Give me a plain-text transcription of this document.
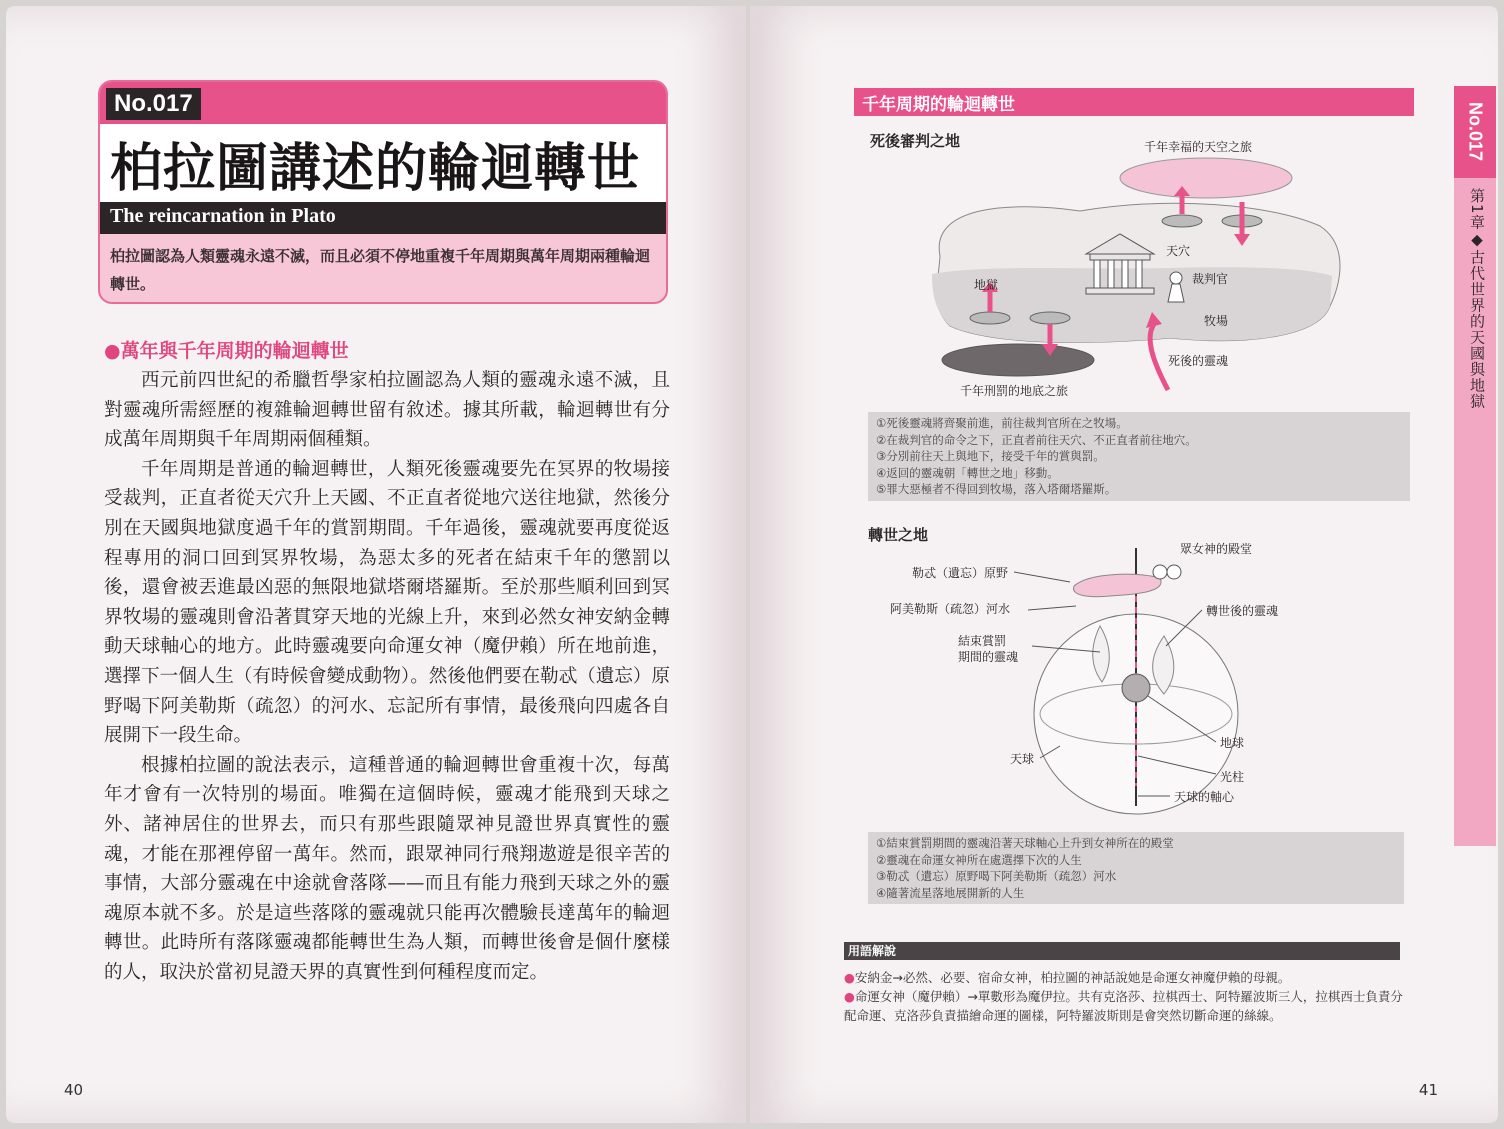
No.017
柏拉圖講述的輪迴轉世
The reincarnation in Plato
柏拉圖認為人類靈魂永遠不滅，而且必須不停地重複千年周期與萬年周期兩種輪迴轉世。
●萬年與千年周期的輪迴轉世

西元前四世紀的希臘哲學家柏拉圖認為人類的靈魂永遠不滅，且對靈魂所需經歷的複雜輪迴轉世留有敘述。據其所載，輪迴轉世有分成萬年周期與千年周期兩個種類。

千年周期是普通的輪迴轉世，人類死後靈魂要先在冥界的牧場接受裁判，正直者從天穴升上天國、不正直者從地穴送往地獄，然後分別在天國與地獄度過千年的賞罰期間。千年過後，靈魂就要再度從返程專用的洞口回到冥界牧場，為惡太多的死者在結束千年的懲罰以後，還會被丟進最凶惡的無限地獄塔爾塔羅斯。至於那些順利回到冥界牧場的靈魂則會沿著貫穿天地的光線上升，來到必然女神安納金轉動天球軸心的地方。此時靈魂要向命運女神（魔伊賴）所在地前進，選擇下一個人生（有時候會變成動物）。然後他們要在勒忒（遺忘）原野喝下阿美勒斯（疏忽）的河水、忘記所有事情，最後飛向四處各自展開下一段生命。

根據柏拉圖的說法表示，這種普通的輪迴轉世會重複十次，每萬年才會有一次特別的場面。唯獨在這個時候，靈魂才能飛到天球之外、諸神居住的世界去，而只有那些跟隨眾神見證世界真實性的靈魂，才能在那裡停留一萬年。然而，跟眾神同行飛翔遨遊是很辛苦的事情，大部分靈魂在中途就會落隊——而且有能力飛到天球之外的靈魂原本就不多。於是這些落隊的靈魂就只能再次體驗長達萬年的輪迴轉世。此時所有落隊靈魂都能轉世生為人類，而轉世後會是個什麼樣的人，取決於當初見證天界的真實性到何種程度而定。

40
No.017
第1章◆古代世界的天國與地獄
千年周期的輪迴轉世
死後審判之地	千年幸福的天空之旅
天穴
地獄	裁判官
牧場
死後的靈魂
千年刑罰的地底之旅
①死後靈魂將齊聚前進，前往裁判官所在之牧場。
②在裁判官的命令之下，正直者前往天穴、不正直者前往地穴。
③分別前往天上與地下，接受千年的賞與罰。
④返回的靈魂朝「轉世之地」移動。
⑤罪大惡極者不得回到牧場，落入塔爾塔羅斯。
轉世之地
眾女神的殿堂
勒忒（遺忘）原野
阿美勒斯（疏忽）河水	轉世後的靈魂
結束賞罰
期間的靈魂
地球
天球
光柱
天球的軸心
①結束賞罰期間的靈魂沿著天球軸心上升到女神所在的殿堂
②靈魂在命運女神所在處選擇下次的人生
③勒忒（遺忘）原野喝下阿美勒斯（疏忽）河水
④隨著流星落地展開新的人生
用語解說

●安納金→必然、必要、宿命女神，柏拉圖的神話說她是命運女神魔伊賴的母親。

●命運女神（魔伊賴）→單數形為魔伊拉。共有克洛莎、拉棋西士、阿特羅波斯三人，拉棋西士負責分配命運、克洛莎負責描繪命運的圖樣，阿特羅波斯則是會突然切斷命運的絲線。

41
